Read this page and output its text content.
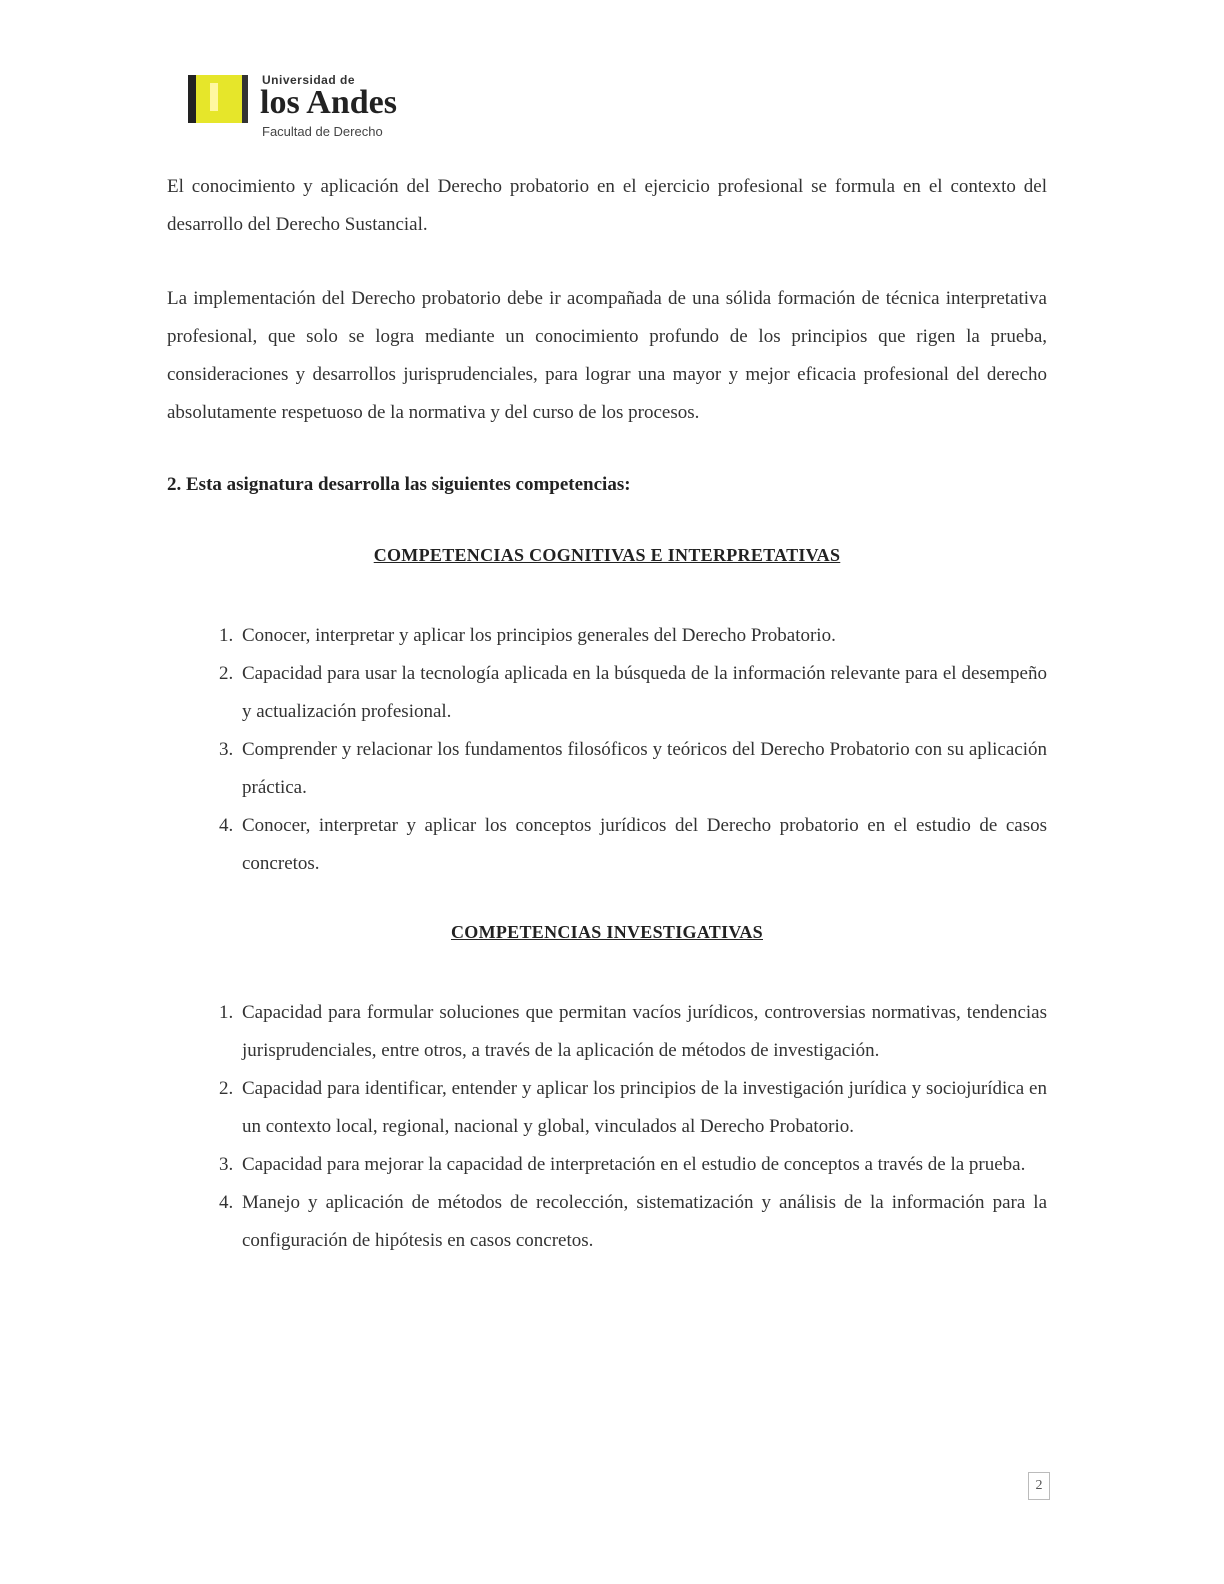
Universidad de
los Andes
Facultad de Derecho

El conocimiento y aplicación del Derecho probatorio en el ejercicio profesional se formula en el contexto del desarrollo del Derecho Sustancial.

La implementación del Derecho probatorio debe ir acompañada de una sólida formación de técnica interpretativa profesional, que solo se logra mediante un conocimiento profundo de los principios que rigen la prueba, consideraciones y desarrollos jurisprudenciales, para lograr una mayor y mejor eficacia profesional del derecho absolutamente respetuoso de la normativa y del curso de los procesos.

2. Esta asignatura desarrolla las siguientes competencias:
COMPETENCIAS COGNITIVAS E INTERPRETATIVAS
1. Conocer, interpretar y aplicar los principios generales del Derecho Probatorio.
2. Capacidad para usar la tecnología aplicada en la búsqueda de la información relevante para el desempeño y actualización profesional.
3. Comprender y relacionar los fundamentos filosóficos y teóricos del Derecho Probatorio con su aplicación práctica.
4. Conocer, interpretar y aplicar los conceptos jurídicos del Derecho probatorio en el estudio de casos concretos.
COMPETENCIAS INVESTIGATIVAS
1. Capacidad para formular soluciones que permitan vacíos jurídicos, controversias normativas, tendencias jurisprudenciales, entre otros, a través de la aplicación de métodos de investigación.
2. Capacidad para identificar, entender y aplicar los principios de la investigación jurídica y sociojurídica en un contexto local, regional, nacional y global, vinculados al Derecho Probatorio.
3. Capacidad para mejorar la capacidad de interpretación en el estudio de conceptos a través de la prueba.
4. Manejo y aplicación de métodos de recolección, sistematización y análisis de la información para la configuración de hipótesis en casos concretos.
2
